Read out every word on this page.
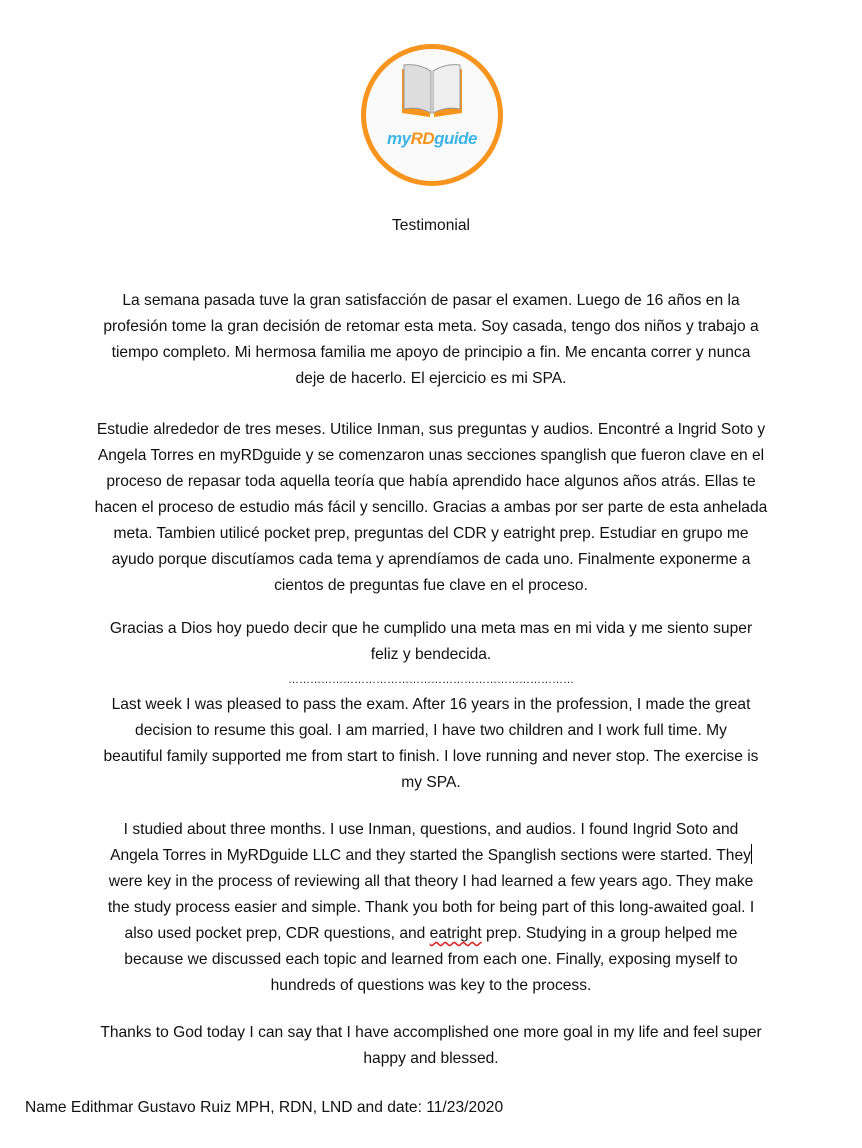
myRDguide
Testimonial
La semana pasada tuve la gran satisfacción de pasar el examen. Luego de 16 años en la
profesión tome la gran decisión de retomar esta meta. Soy casada, tengo dos niños y trabajo a
tiempo completo. Mi hermosa familia me apoyo de principio a fin. Me encanta correr y nunca
deje de hacerlo. El ejercicio es mi SPA.
Estudie alrededor de tres meses. Utilice Inman, sus preguntas y audios. Encontré a Ingrid Soto y
Angela Torres en myRDguide y se comenzaron unas secciones spanglish que fueron clave en el
proceso de repasar toda aquella teoría que había aprendido hace algunos años atrás. Ellas te
hacen el proceso de estudio más fácil y sencillo. Gracias a ambas por ser parte de esta anhelada
meta. Tambien utilicé pocket prep, preguntas del CDR y eatright prep. Estudiar en grupo me
ayudo porque discutíamos cada tema y aprendíamos de cada uno. Finalmente exponerme a
cientos de preguntas fue clave en el proceso.
Gracias a Dios hoy puedo decir que he cumplido una meta mas en mi vida y me siento super
feliz y bendecida.
……………………………………………………………………
Last week I was pleased to pass the exam. After 16 years in the profession, I made the great
decision to resume this goal. I am married, I have two children and I work full time. My
beautiful family supported me from start to finish. I love running and never stop. The exercise is
my SPA.
I studied about three months. I use Inman, questions, and audios. I found Ingrid Soto and
Angela Torres in MyRDguide LLC and they started the Spanglish sections were started. They
were key in the process of reviewing all that theory I had learned a few years ago. They make
the study process easier and simple. Thank you both for being part of this long-awaited goal. I
also used pocket prep, CDR questions, and eatright prep. Studying in a group helped me
because we discussed each topic and learned from each one. Finally, exposing myself to
hundreds of questions was key to the process.
Thanks to God today I can say that I have accomplished one more goal in my life and feel super
happy and blessed.
Name Edithmar Gustavo Ruiz MPH, RDN, LND and date: 11/23/2020
